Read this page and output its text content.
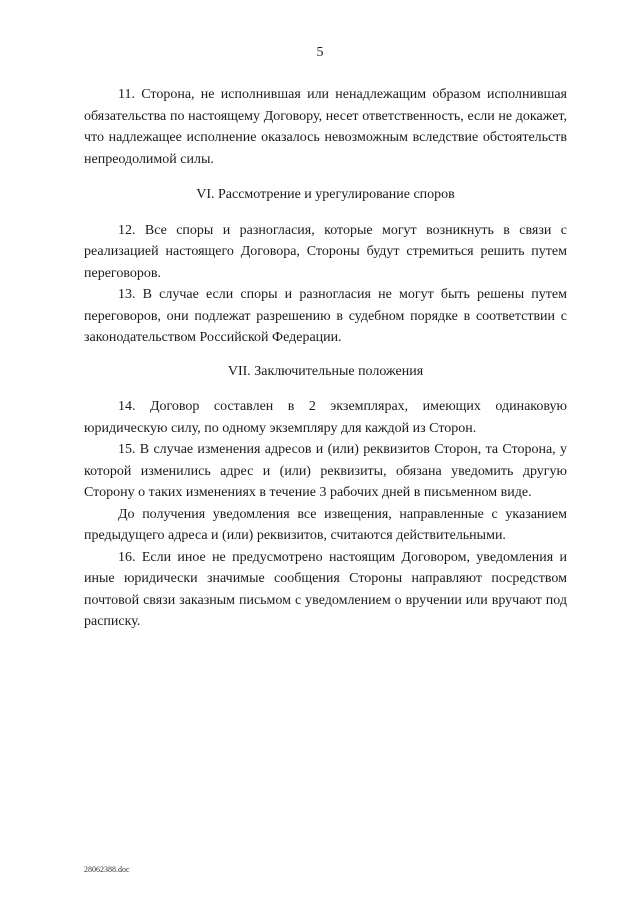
5

11. Сторона, не исполнившая или ненадлежащим образом исполнившая обязательства по настоящему Договору, несет ответственность, если не докажет, что надлежащее исполнение оказалось невозможным вследствие обстоятельств непреодолимой силы.

VI. Рассмотрение и урегулирование споров

12. Все споры и разногласия, которые могут возникнуть в связи с реализацией настоящего Договора, Стороны будут стремиться решить путем переговоров.

13. В случае если споры и разногласия не могут быть решены путем переговоров, они подлежат разрешению в судебном порядке в соответствии с законодательством Российской Федерации.

VII. Заключительные положения

14. Договор составлен в 2 экземплярах, имеющих одинаковую юридическую силу, по одному экземпляру для каждой из Сторон.

15. В случае изменения адресов и (или) реквизитов Сторон, та Сторона, у которой изменились адрес и (или) реквизиты, обязана уведомить другую Сторону о таких изменениях в течение 3 рабочих дней в письменном виде.

До получения уведомления все извещения, направленные с указанием предыдущего адреса и (или) реквизитов, считаются действительными.

16. Если иное не предусмотрено настоящим Договором, уведомления и иные юридически значимые сообщения Стороны направляют посредством почтовой связи заказным письмом с уведомлением о вручении или вручают под расписку.

28062388.doc
